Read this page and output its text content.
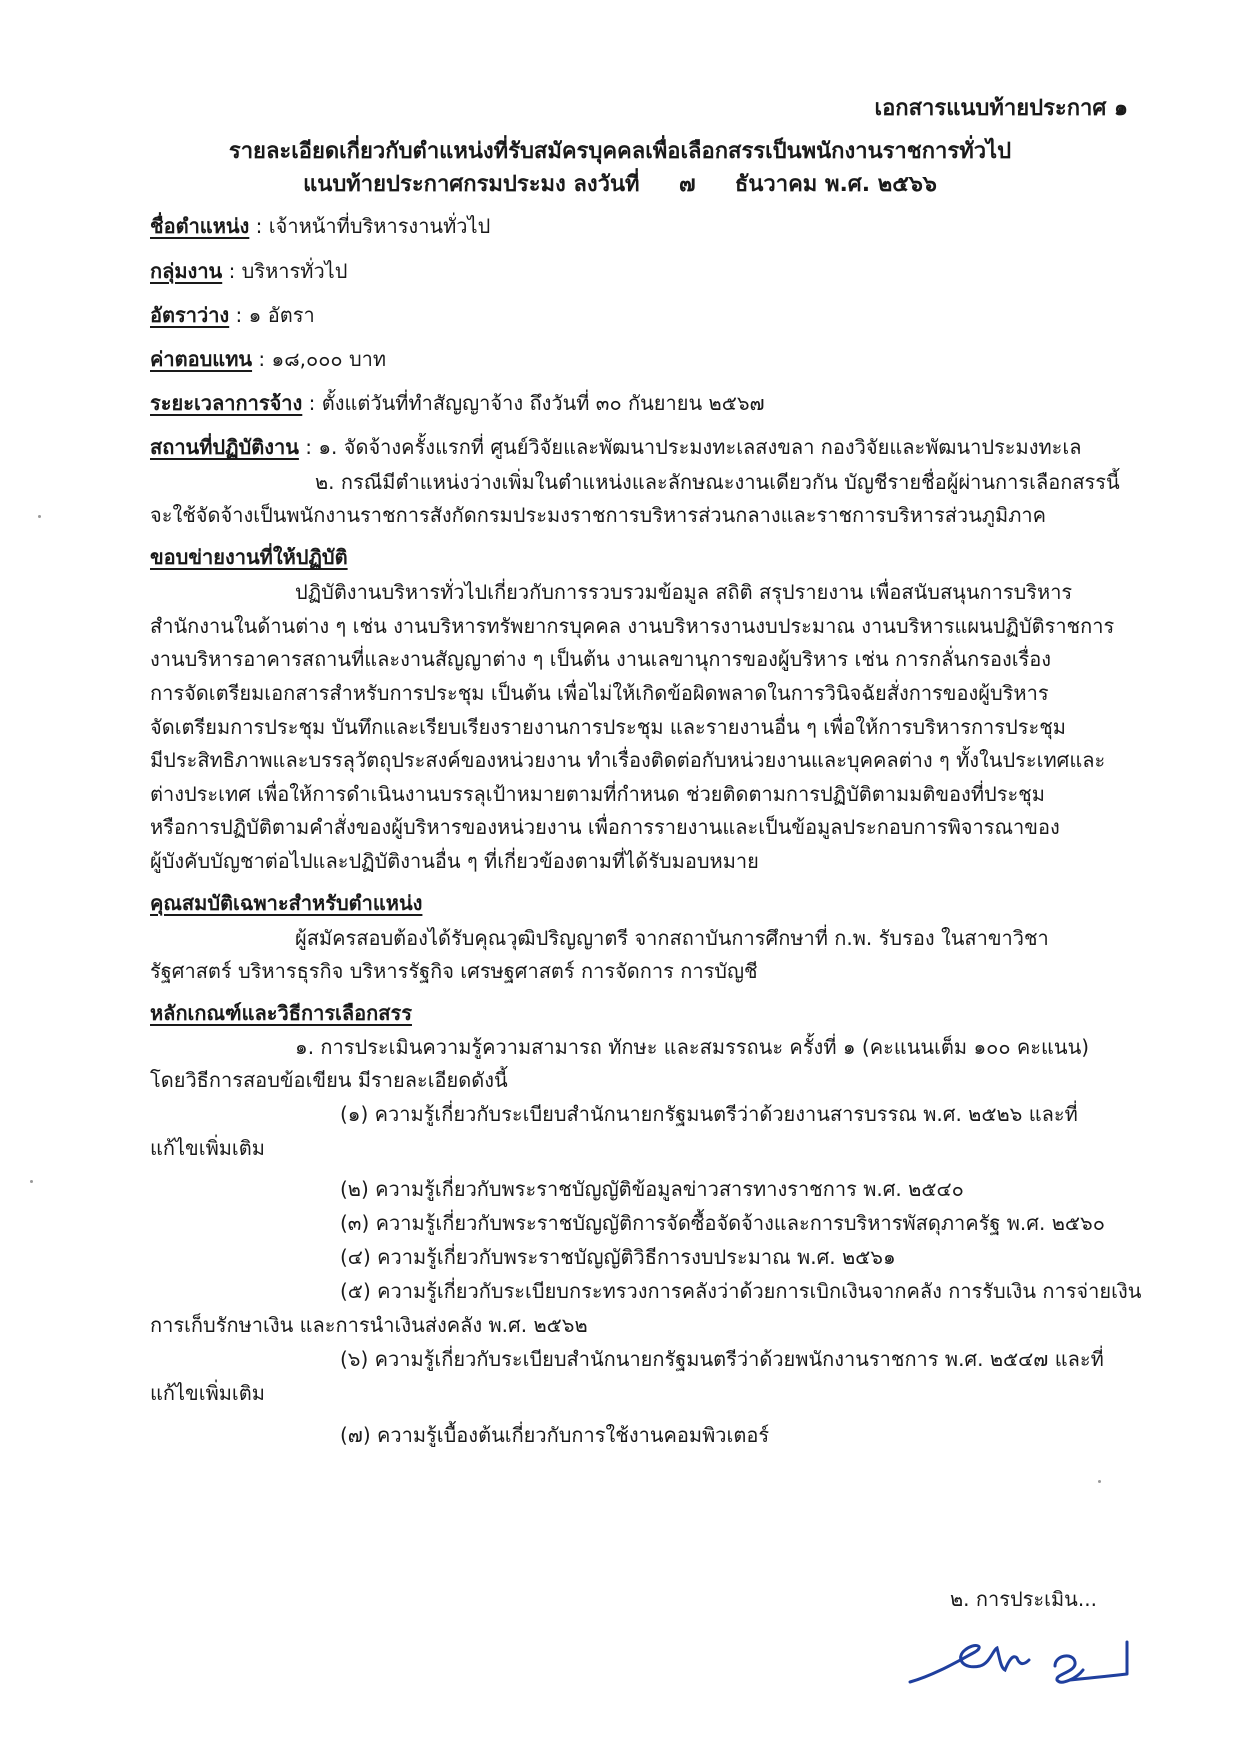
เอกสารแนบท้ายประกาศ ๑
รายละเอียดเกี่ยวกับตำแหน่งที่รับสมัครบุคคลเพื่อเลือกสรรเป็นพนักงานราชการทั่วไป
แนบท้ายประกาศกรมประมง ลงวันที่ ๗ ธันวาคม พ.ศ. ๒๕๖๖
ชื่อตำแหน่ง : เจ้าหน้าที่บริหารงานทั่วไป
กลุ่มงาน : บริหารทั่วไป
อัตราว่าง : ๑ อัตรา
ค่าตอบแทน : ๑๘,๐๐๐ บาท
ระยะเวลาการจ้าง : ตั้งแต่วันที่ทำสัญญาจ้าง ถึงวันที่ ๓๐ กันยายน ๒๕๖๗
สถานที่ปฏิบัติงาน : ๑. จัดจ้างครั้งแรกที่ ศูนย์วิจัยและพัฒนาประมงทะเลสงขลา กองวิจัยและพัฒนาประมงทะเล
๒. กรณีมีตำแหน่งว่างเพิ่มในตำแหน่งและลักษณะงานเดียวกัน บัญชีรายชื่อผู้ผ่านการเลือกสรรนี้
จะใช้จัดจ้างเป็นพนักงานราชการสังกัดกรมประมงราชการบริหารส่วนกลางและราชการบริหารส่วนภูมิภาค
ขอบข่ายงานที่ให้ปฏิบัติ
ปฏิบัติงานบริหารทั่วไปเกี่ยวกับการรวบรวมข้อมูล สถิติ สรุปรายงาน เพื่อสนับสนุนการบริหาร
สำนักงานในด้านต่าง ๆ เช่น งานบริหารทรัพยากรบุคคล งานบริหารงานงบประมาณ งานบริหารแผนปฏิบัติราชการ
งานบริหารอาคารสถานที่และงานสัญญาต่าง ๆ เป็นต้น งานเลขานุการของผู้บริหาร เช่น การกลั่นกรองเรื่อง
การจัดเตรียมเอกสารสำหรับการประชุม เป็นต้น เพื่อไม่ให้เกิดข้อผิดพลาดในการวินิจฉัยสั่งการของผู้บริหาร
จัดเตรียมการประชุม บันทึกและเรียบเรียงรายงานการประชุม และรายงานอื่น ๆ เพื่อให้การบริหารการประชุม
มีประสิทธิภาพและบรรลุวัตถุประสงค์ของหน่วยงาน ทำเรื่องติดต่อกับหน่วยงานและบุคคลต่าง ๆ ทั้งในประเทศและ
ต่างประเทศ เพื่อให้การดำเนินงานบรรลุเป้าหมายตามที่กำหนด ช่วยติดตามการปฏิบัติตามมติของที่ประชุม
หรือการปฏิบัติตามคำสั่งของผู้บริหารของหน่วยงาน เพื่อการรายงานและเป็นข้อมูลประกอบการพิจารณาของ
ผู้บังคับบัญชาต่อไปและปฏิบัติงานอื่น ๆ ที่เกี่ยวข้องตามที่ได้รับมอบหมาย
คุณสมบัติเฉพาะสำหรับตำแหน่ง
ผู้สมัครสอบต้องได้รับคุณวุฒิปริญญาตรี จากสถาบันการศึกษาที่ ก.พ. รับรอง ในสาขาวิชา
รัฐศาสตร์ บริหารธุรกิจ บริหารรัฐกิจ เศรษฐศาสตร์ การจัดการ การบัญชี
หลักเกณฑ์และวิธีการเลือกสรร
๑. การประเมินความรู้ความสามารถ ทักษะ และสมรรถนะ ครั้งที่ ๑ (คะแนนเต็ม ๑๐๐ คะแนน)
โดยวิธีการสอบข้อเขียน มีรายละเอียดดังนี้
(๑) ความรู้เกี่ยวกับระเบียบสำนักนายกรัฐมนตรีว่าด้วยงานสารบรรณ พ.ศ. ๒๕๒๖ และที่
แก้ไขเพิ่มเติม
(๒) ความรู้เกี่ยวกับพระราชบัญญัติข้อมูลข่าวสารทางราชการ พ.ศ. ๒๕๔๐
(๓) ความรู้เกี่ยวกับพระราชบัญญัติการจัดซื้อจัดจ้างและการบริหารพัสดุภาครัฐ พ.ศ. ๒๕๖๐
(๔) ความรู้เกี่ยวกับพระราชบัญญัติวิธีการงบประมาณ พ.ศ. ๒๕๖๑
(๕) ความรู้เกี่ยวกับระเบียบกระทรวงการคลังว่าด้วยการเบิกเงินจากคลัง การรับเงิน การจ่ายเงิน
การเก็บรักษาเงิน และการนำเงินส่งคลัง พ.ศ. ๒๕๖๒
(๖) ความรู้เกี่ยวกับระเบียบสำนักนายกรัฐมนตรีว่าด้วยพนักงานราชการ พ.ศ. ๒๕๔๗ และที่
แก้ไขเพิ่มเติม
(๗) ความรู้เบื้องต้นเกี่ยวกับการใช้งานคอมพิวเตอร์
๒. การประเมิน...
